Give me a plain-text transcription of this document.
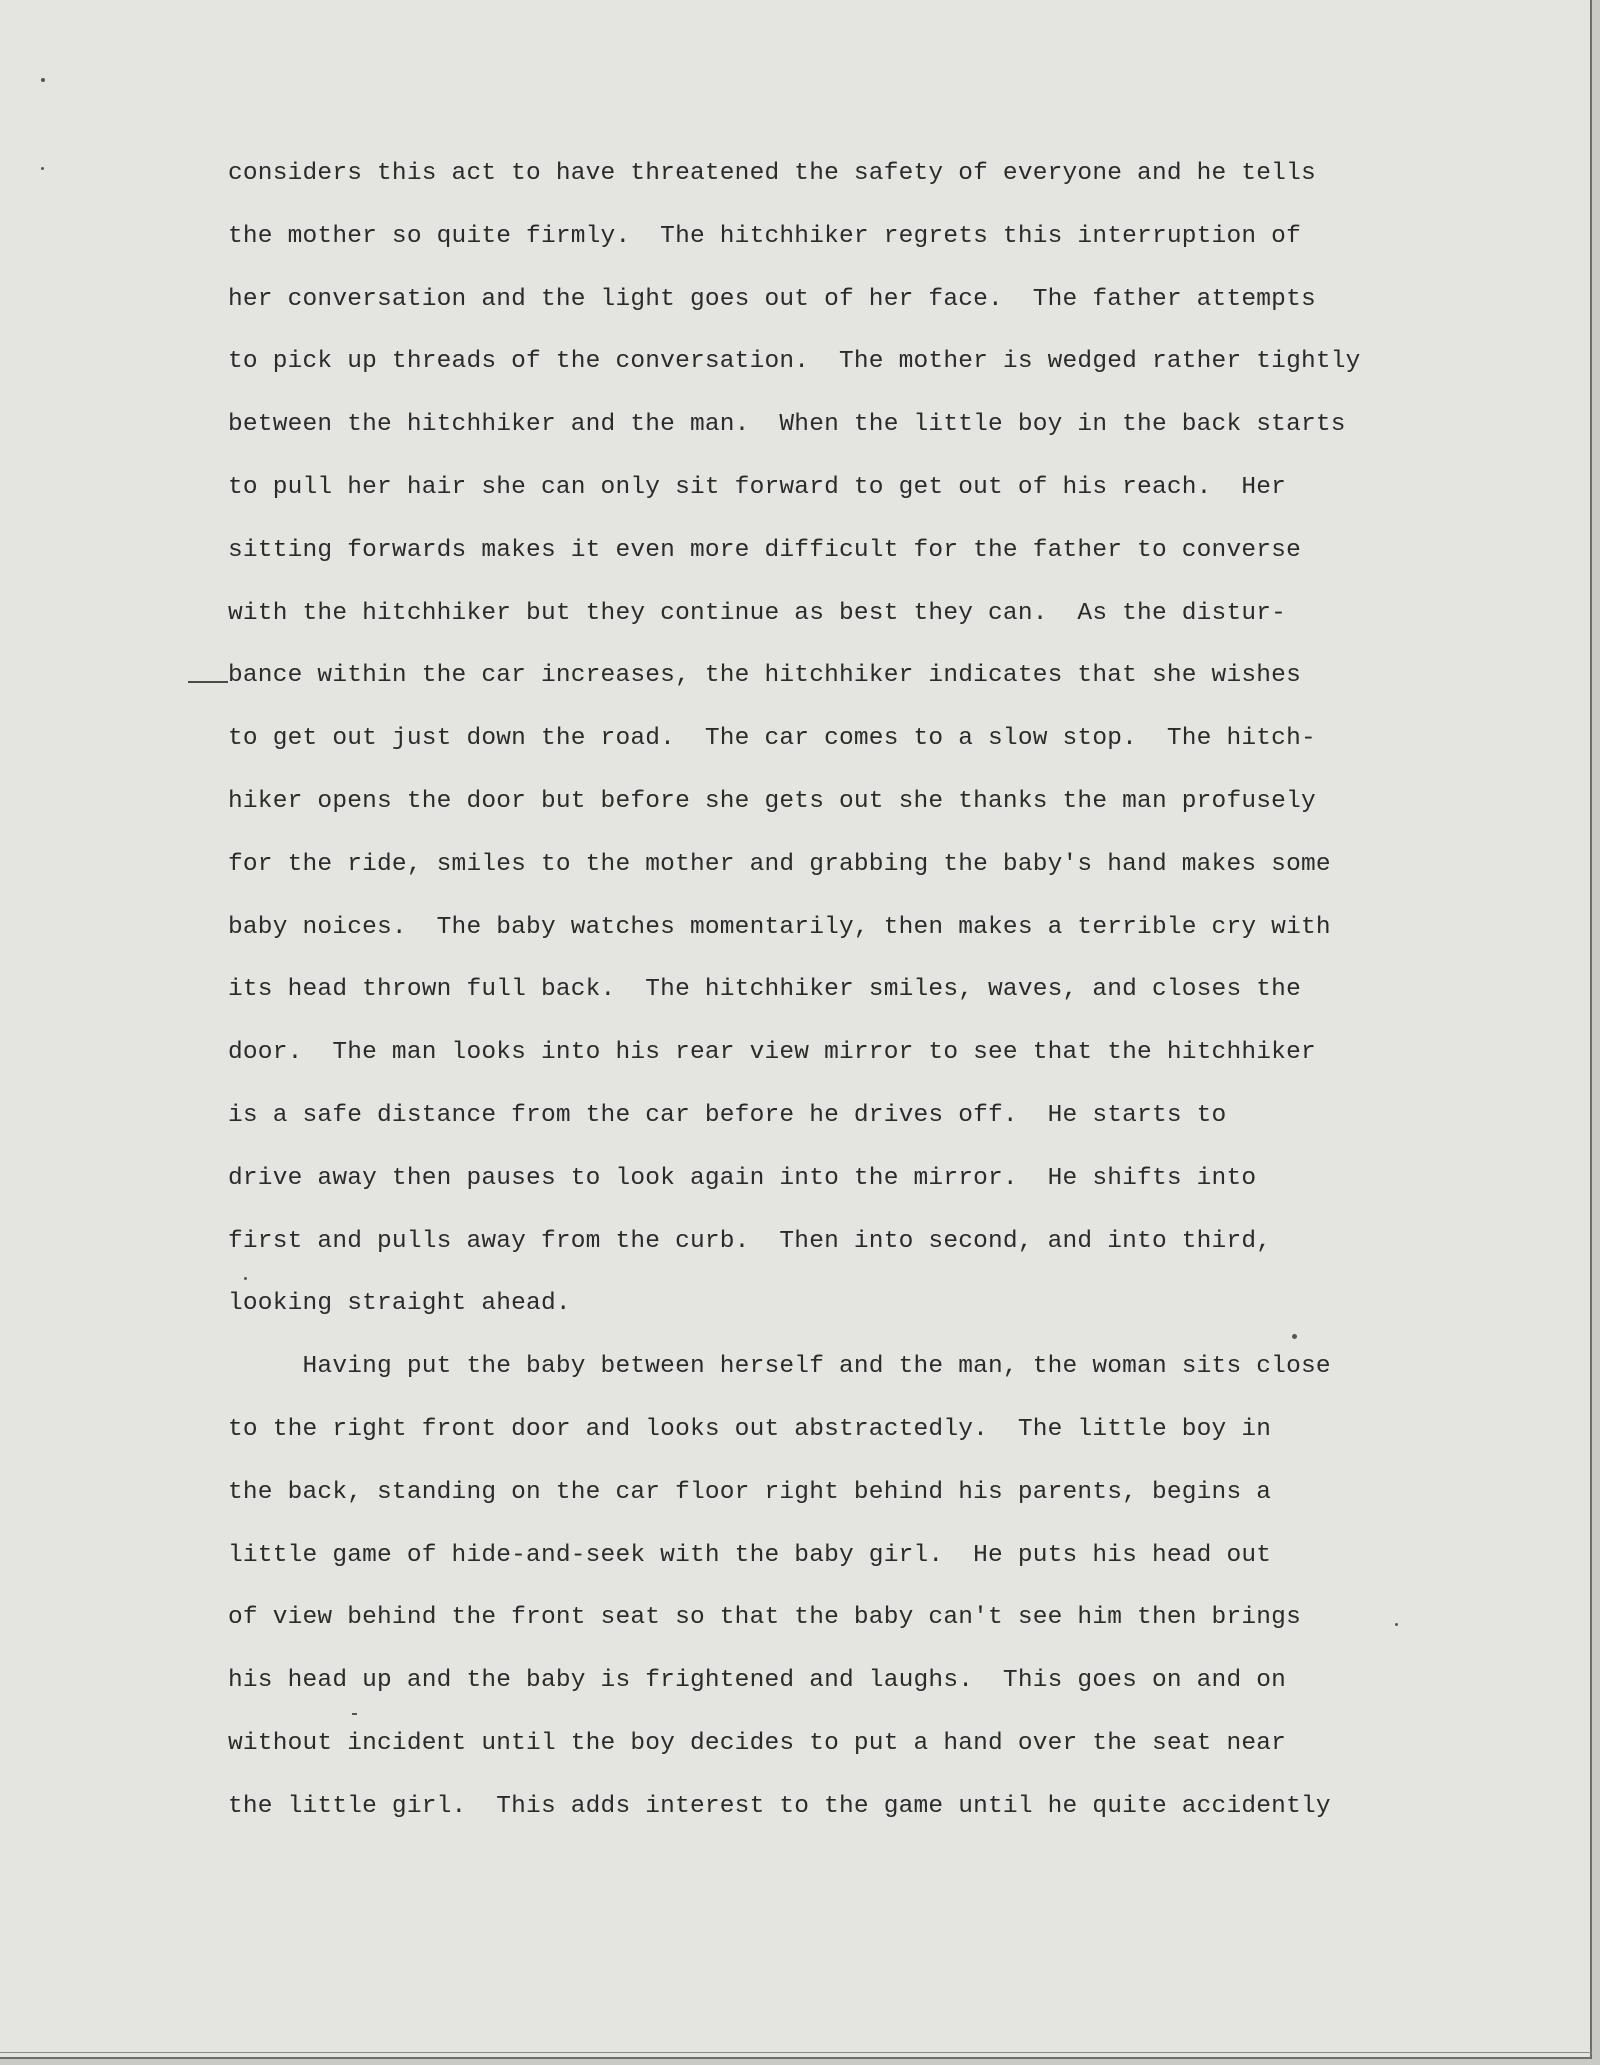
considers this act to have threatened the safety of everyone and he tells
the mother so quite firmly.  The hitchhiker regrets this interruption of
her conversation and the light goes out of her face.  The father attempts
to pick up threads of the conversation.  The mother is wedged rather tightly
between the hitchhiker and the man.  When the little boy in the back starts
to pull her hair she can only sit forward to get out of his reach.  Her
sitting forwards makes it even more difficult for the father to converse
with the hitchhiker but they continue as best they can.  As the distur-
bance within the car increases, the hitchhiker indicates that she wishes
to get out just down the road.  The car comes to a slow stop.  The hitch-
hiker opens the door but before she gets out she thanks the man profusely
for the ride, smiles to the mother and grabbing the baby's hand makes some
baby noices.  The baby watches momentarily, then makes a terrible cry with
its head thrown full back.  The hitchhiker smiles, waves, and closes the
door.  The man looks into his rear view mirror to see that the hitchhiker
is a safe distance from the car before he drives off.  He starts to
drive away then pauses to look again into the mirror.  He shifts into
first and pulls away from the curb.  Then into second, and into third,
looking straight ahead.
Having put the baby between herself and the man, the woman sits close
to the right front door and looks out abstractedly.  The little boy in
the back, standing on the car floor right behind his parents, begins a
little game of hide-and-seek with the baby girl.  He puts his head out
of view behind the front seat so that the baby can't see him then brings
his head up and the baby is frightened and laughs.  This goes on and on
without incident until the boy decides to put a hand over the seat near
the little girl.  This adds interest to the game until he quite accidently
